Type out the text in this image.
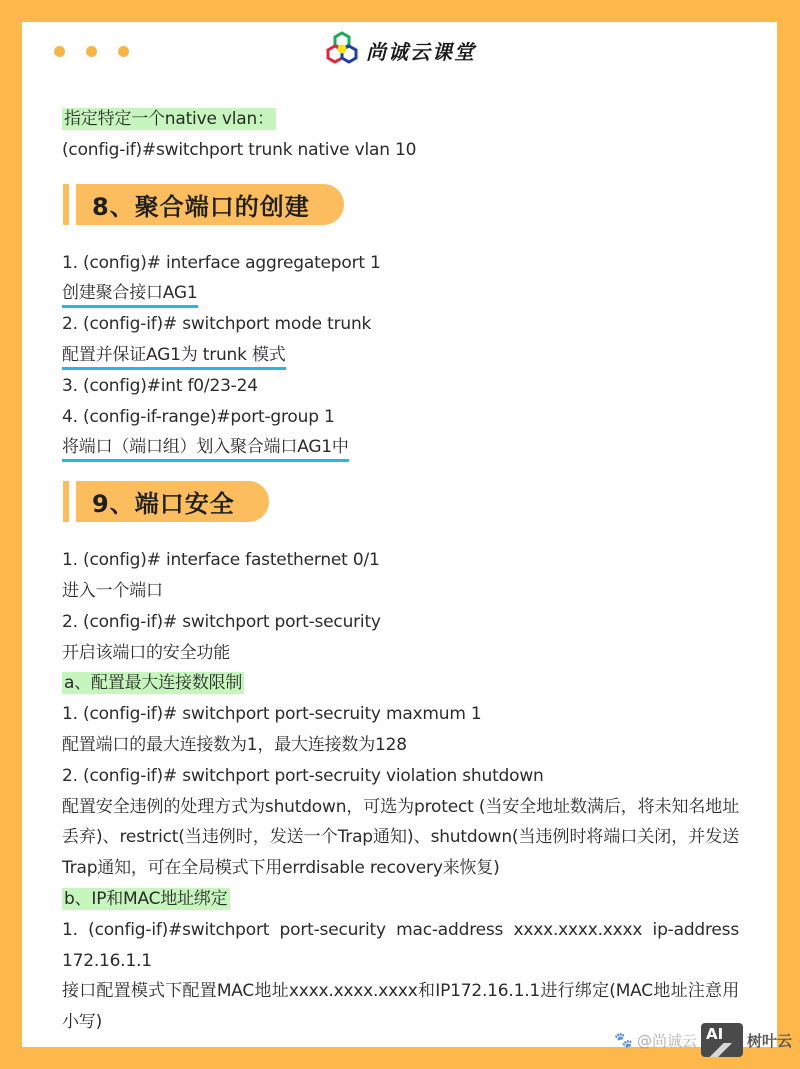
尚诚云课堂
指定特定一个native vlan：
(config-if)#switchport trunk native vlan 10
8、聚合端口的创建
1. (config)# interface aggregateport 1
创建聚合接口AG1
2. (config-if)# switchport mode trunk
配置并保证AG1为 trunk 模式
3. (config)#int f0/23-24
4. (config-if-range)#port-group 1
将端口（端口组）划入聚合端口AG1中
9、端口安全
1. (config)# interface fastethernet 0/1
进入一个端口
2. (config-if)# switchport port-security
开启该端口的安全功能
a、配置最大连接数限制
1. (config-if)# switchport port-secruity maxmum 1
配置端口的最大连接数为1，最大连接数为128
2. (config-if)# switchport port-secruity violation shutdown
配置安全违例的处理方式为shutdown，可选为protect (当安全地址数满后，将未知名地址丢弃)、restrict(当违例时，发送一个Trap通知)、shutdown(当违例时将端口关闭，并发送Trap通知，可在全局模式下用errdisable recovery来恢复)
b、IP和MAC地址绑定
1. (config-if)#switchport port-security mac-address xxxx.xxxx.xxxx ip-address 172.16.1.1
接口配置模式下配置MAC地址xxxx.xxxx.xxxx和IP172.16.1.1进行绑定(MAC地址注意用小写)
🐾 @尚诚云 AI 树叶云
